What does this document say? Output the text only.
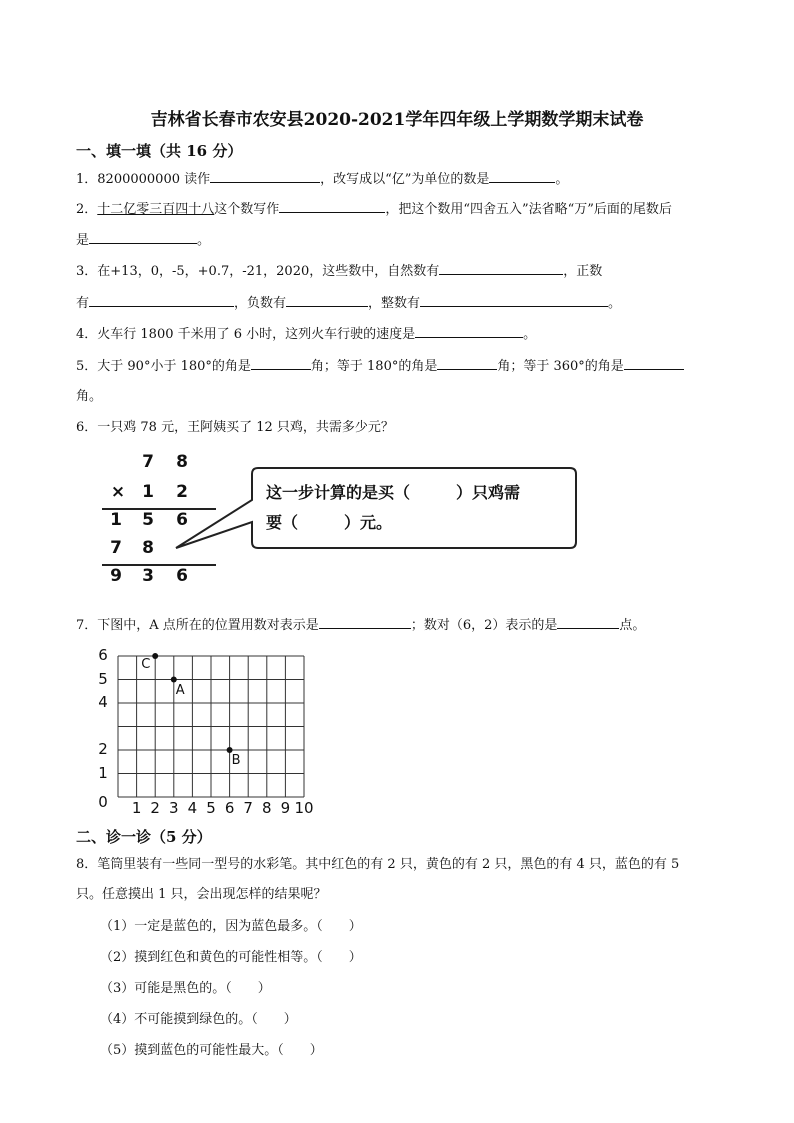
吉林省长春市农安县2020-2021学年四年级上学期数学期末试卷
一、填一填（共 16 分）
1．8200000000 读作	，改写成以“亿”为单位的数是	。
2．十二亿零三百四十八这个数写作	，把这个数用“四舍五入”法省略“万”后面的尾数后
是	。
3．在+13，0，-5，+0.7，-21，2020，这些数中，自然数有	，正数
有	，负数有	，整数有	。
4．火车行 1800 千米用了 6 小时，这列火车行驶的速度是	。
5．大于 90°小于 180°的角是	角；等于 180°的角是	角；等于 360°的角是
角。
6．一只鸡 78 元，王阿姨买了 12 只鸡，共需多少元？
7	8
× 1	2
1	5	6
7	8
9	3	6
这一步计算的是买（	）只鸡需
要（	）元。
7．下图中，A 点所在的位置用数对表示是	；数对（6，2）表示的是	点。
1 2 3 4 5 6 7 8 9 10
0
1
2
4
5
6
C
A
B
二、诊一诊（5 分）
8．笔筒里装有一些同一型号的水彩笔。其中红色的有 2 只，黄色的有 2 只，黑色的有 4 只，蓝色的有 5
只。任意摸出 1 只，会出现怎样的结果呢？
（1）一定是蓝色的，因为蓝色最多。（　　）
（2）摸到红色和黄色的可能性相等。（　　）
（3）可能是黑色的。（　　）
（4）不可能摸到绿色的。（　　）
（5）摸到蓝色的可能性最大。（　　）
